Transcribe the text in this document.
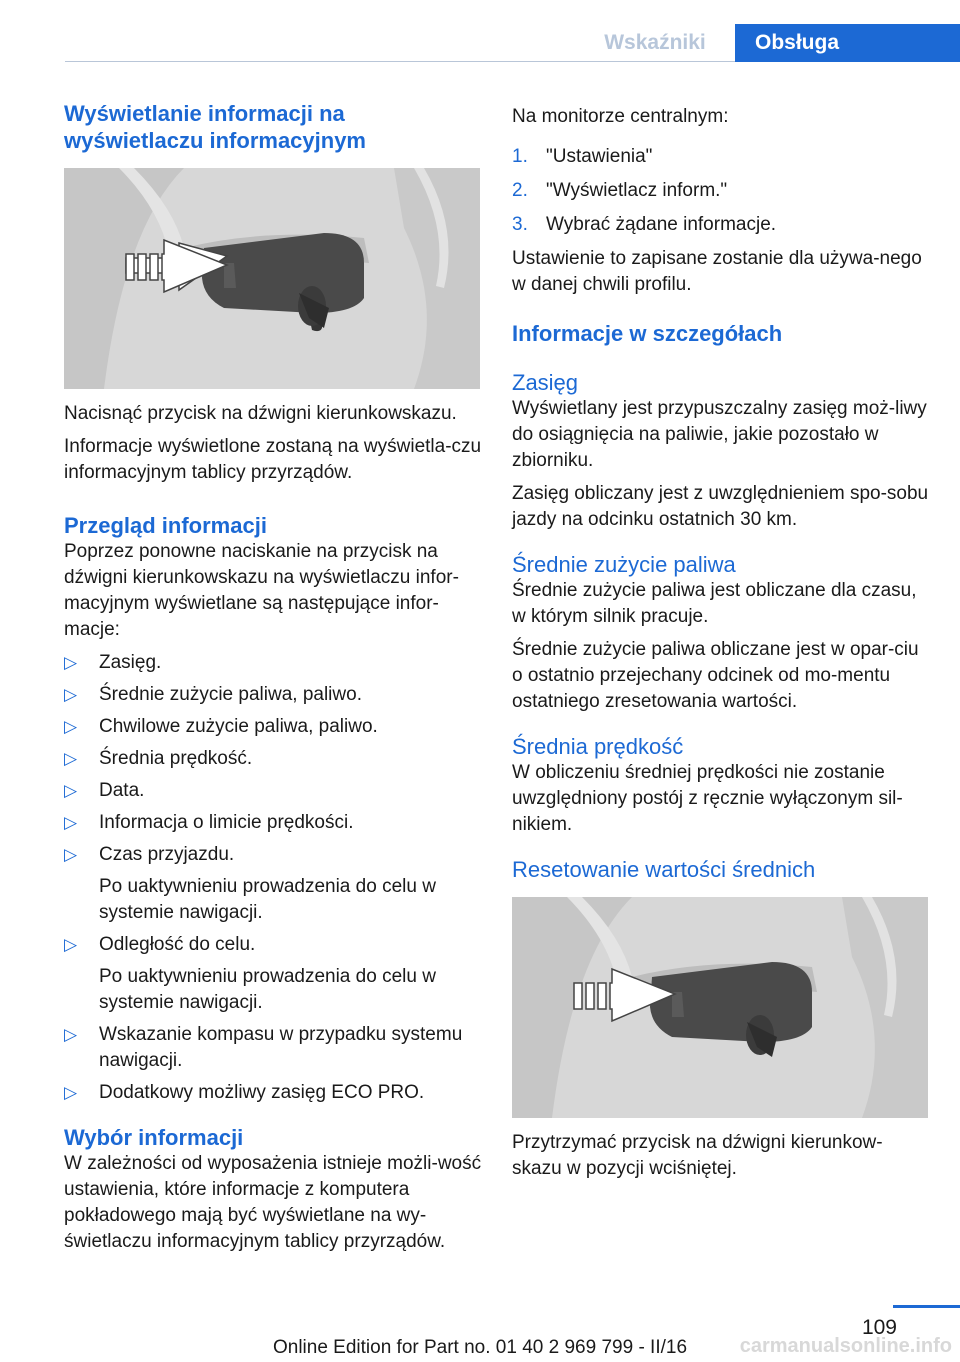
Wskaźniki	Obsługa
Wyświetlanie informacji na wyświetlaczu informacyjnym

Nacisnąć przycisk na dźwigni kierunkowskazu.

Informacje wyświetlone zostaną na wyświetla-czu informacyjnym tablicy przyrządów.

Przegląd informacji

Poprzez ponowne naciskanie na przycisk na dźwigni kierunkowskazu na wyświetlaczu infor-macyjnym wyświetlane są następujące infor-macje:

▷ Zasięg.
▷ Średnie zużycie paliwa, paliwo.
▷ Chwilowe zużycie paliwa, paliwo.
▷ Średnia prędkość.
▷ Data.
▷ Informacja o limicie prędkości.
▷ Czas przyjazdu.
Po uaktywnieniu prowadzenia do celu w systemie nawigacji.
▷ Odległość do celu.
Po uaktywnieniu prowadzenia do celu w systemie nawigacji.
▷ Wskazanie kompasu w przypadku systemu nawigacji.
▷ Dodatkowy możliwy zasięg ECO PRO.
Wybór informacji

W zależności od wyposażenia istnieje możli-wość ustawienia, które informacje z komputera pokładowego mają być wyświetlane na wy-świetlaczu informacyjnym tablicy przyrządów.

Na monitorze centralnym:

1. "Ustawienia"
2. "Wyświetlacz inform."
3. Wybrać żądane informacje.

Ustawienie to zapisane zostanie dla używa-nego w danej chwili profilu.

Informacje w szczegółach
Zasięg

Wyświetlany jest przypuszczalny zasięg moż-liwy do osiągnięcia na paliwie, jakie pozostało w zbiorniku.

Zasięg obliczany jest z uwzględnieniem spo-sobu jazdy na odcinku ostatnich 30 km.

Średnie zużycie paliwa

Średnie zużycie paliwa jest obliczane dla czasu, w którym silnik pracuje.

Średnie zużycie paliwa obliczane jest w opar-ciu o ostatnio przejechany odcinek od mo-mentu ostatniego zresetowania wartości.

Średnia prędkość

W obliczeniu średniej prędkości nie zostanie uwzględniony postój z ręcznie wyłączonym sil-nikiem.

Resetowanie wartości średnich

Przytrzymać przycisk na dźwigni kierunkow-skazu w pozycji wciśniętej.

109
Online Edition for Part no. 01 40 2 969 799 - II/16	carmanualsonline.info
